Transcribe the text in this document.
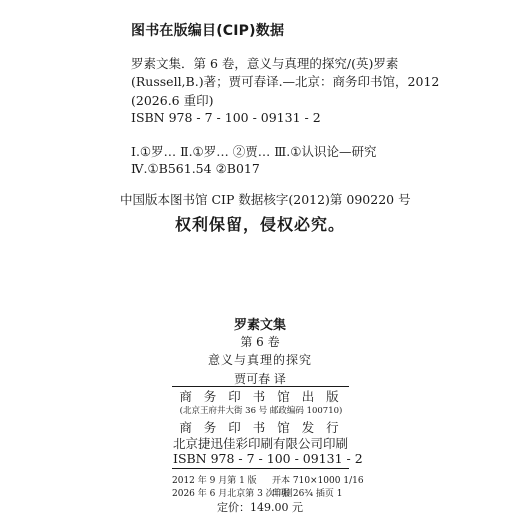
图书在版编目(CIP)数据
罗素文集．第 6 卷，意义与真理的探究/(英)罗素
(Russell,B.)著；贾可春译.—北京：商务印书馆，2012
(2026.6 重印)
ISBN 978 - 7 - 100 - 09131 - 2
Ⅰ.①罗… Ⅱ.①罗… ②贾… Ⅲ.①认识论—研究
Ⅳ.①B561.54 ②B017
中国版本图书馆 CIP 数据核字(2012)第 090220 号
权利保留，侵权必究。
罗素文集
第 6 卷
意义与真理的探究
贾可春 译
商 务 印 书 馆 出 版
(北京王府井大街 36 号 邮政编码 100710)
商 务 印 书 馆 发 行
北京捷迅佳彩印刷有限公司印刷
ISBN 978 - 7 - 100 - 09131 - 2
2012 年 9 月第 1 版 开本 710×1000 1/16
2026 年 6 月北京第 3 次印刷
印张 26¾ 插页 1
定价：149.00 元
